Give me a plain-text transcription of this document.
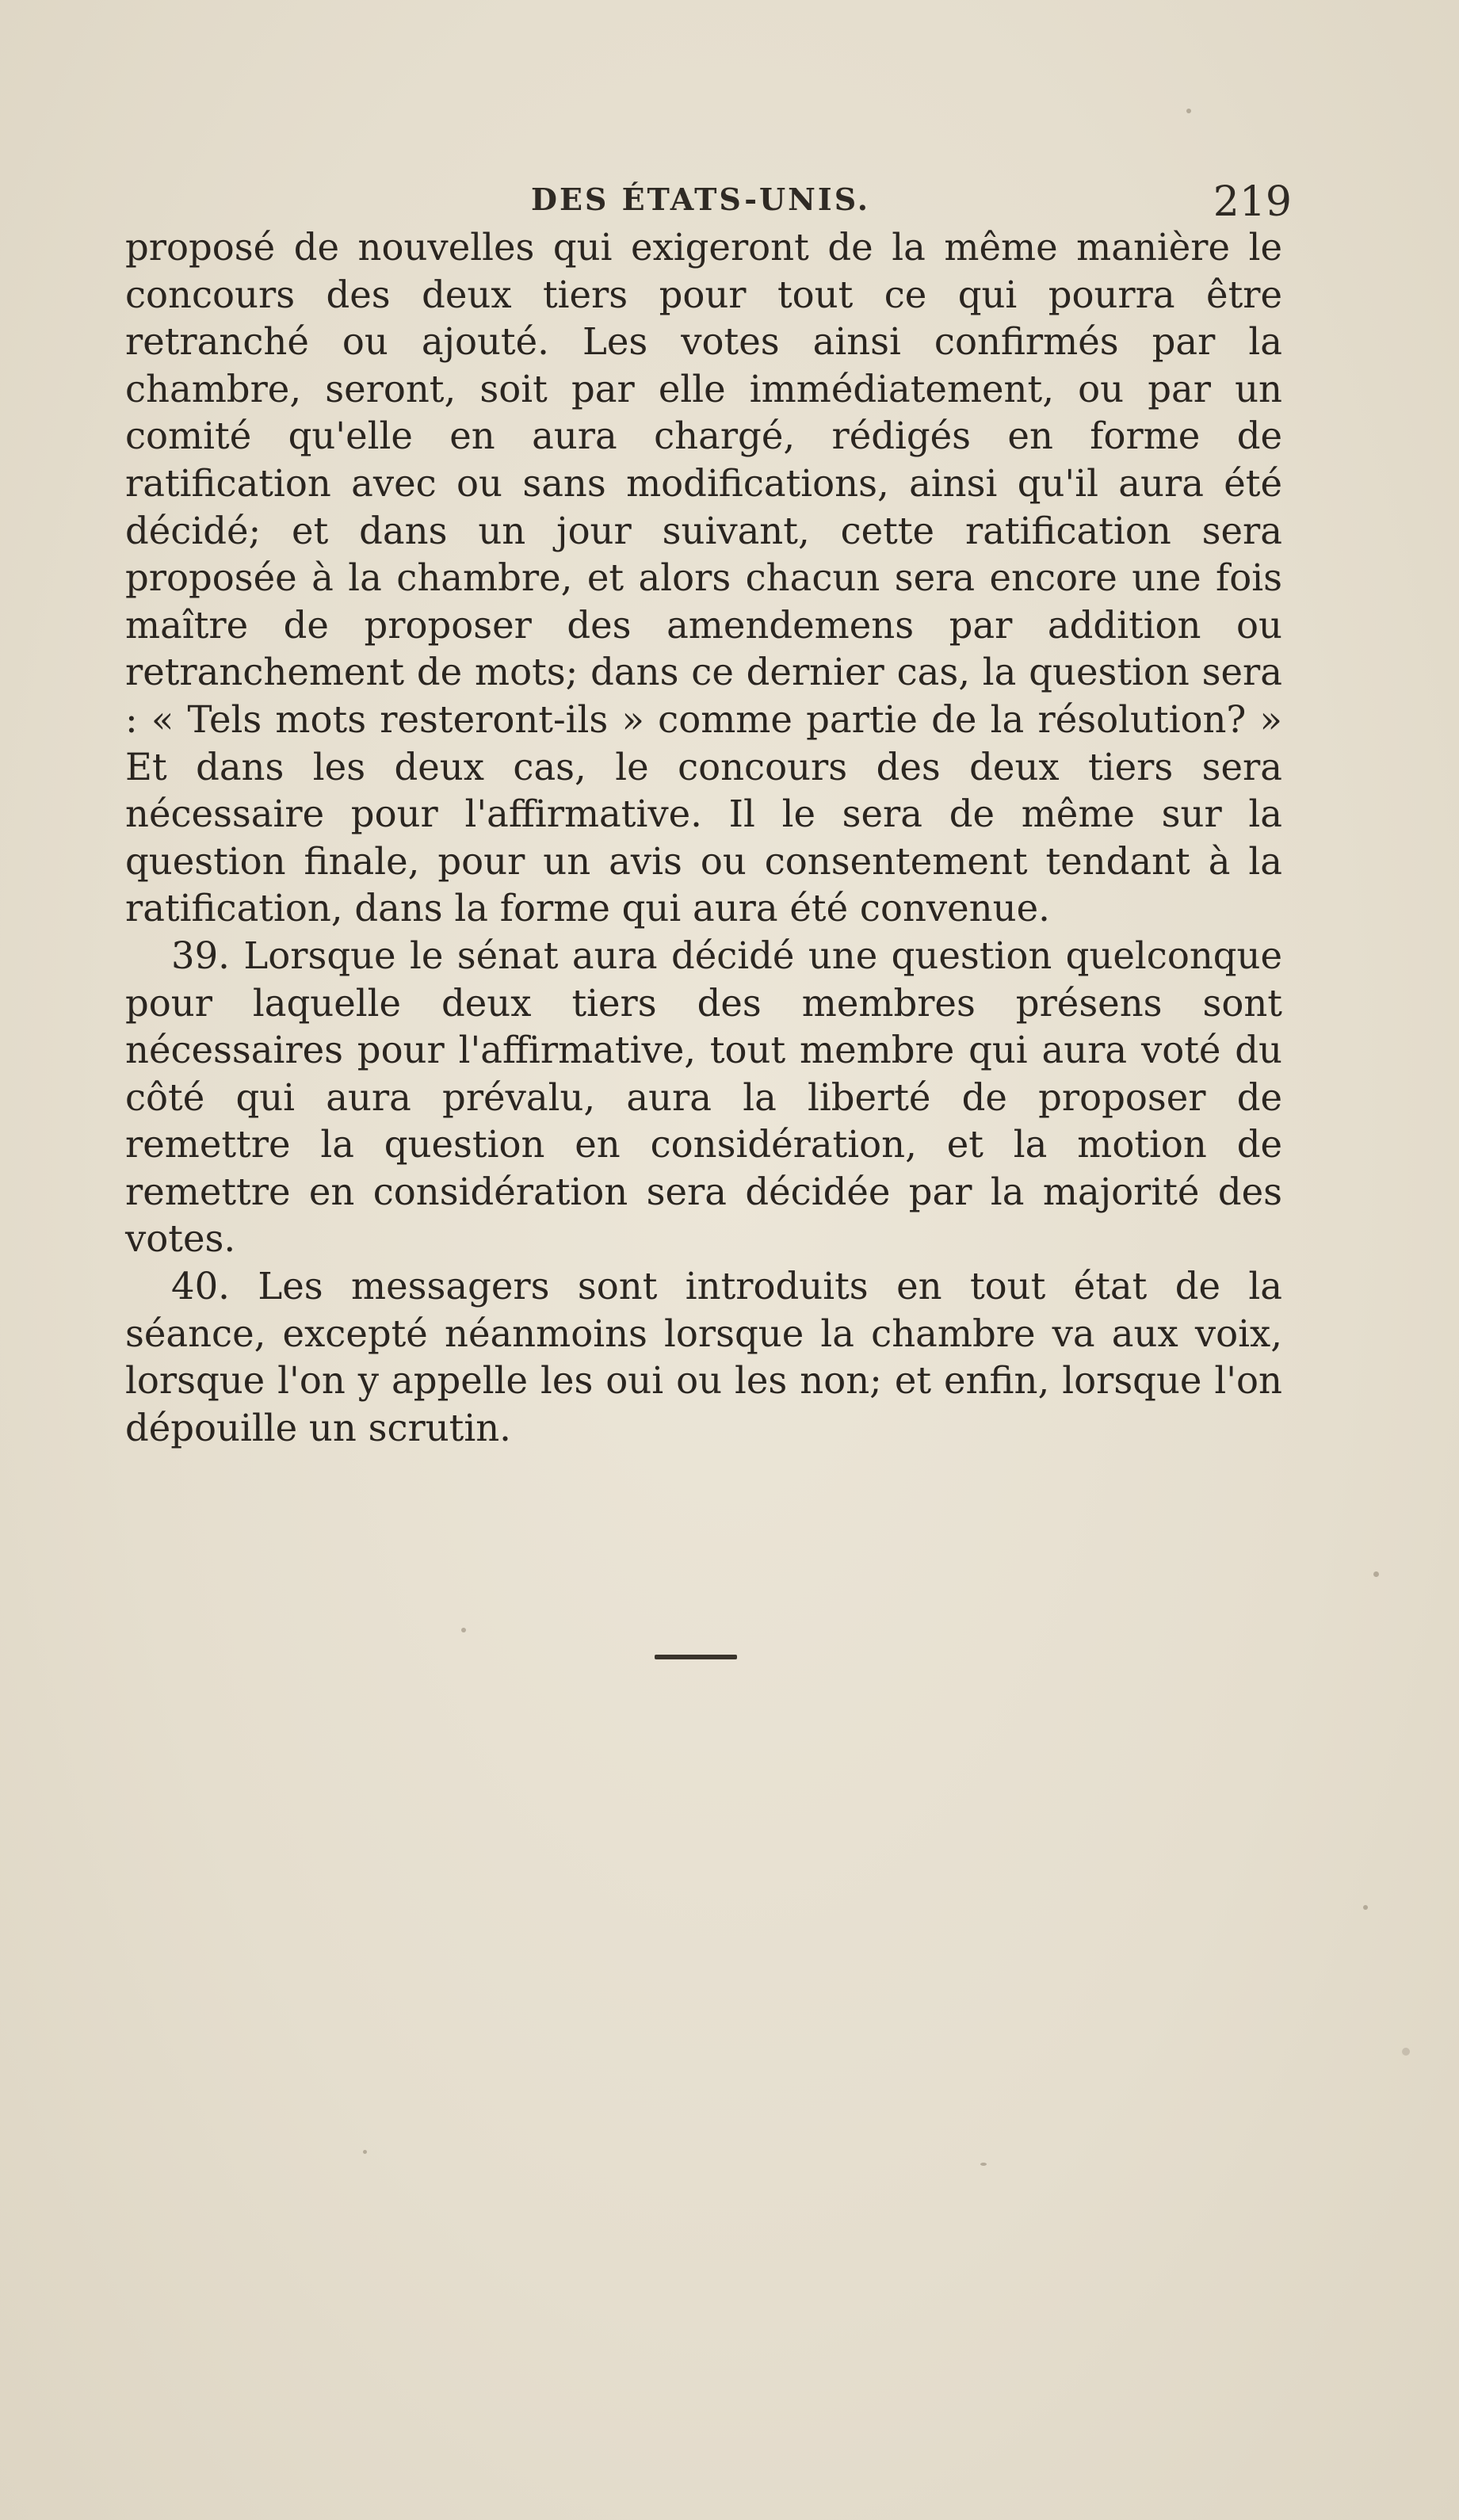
DES ÉTATS-UNIS.	219

proposé de nouvelles qui exigeront de la même manière le concours des deux tiers pour tout ce qui pourra être retranché ou ajouté. Les votes ainsi confirmés par la chambre, seront, soit par elle immédiatement, ou par un comité qu'elle en aura chargé, rédigés en forme de ratification avec ou sans modifications, ainsi qu'il aura été décidé; et dans un jour suivant, cette ratification sera proposée à la chambre, et alors chacun sera encore une fois maître de proposer des amendemens par addition ou retranchement de mots; dans ce dernier cas, la question sera : « Tels mots resteront-ils » comme partie de la résolution? » Et dans les deux cas, le concours des deux tiers sera nécessaire pour l'affirmative. Il le sera de même sur la question finale, pour un avis ou consentement tendant à la ratification, dans la forme qui aura été convenue.

39. Lorsque le sénat aura décidé une question quelconque pour laquelle deux tiers des membres présens sont nécessaires pour l'affirmative, tout membre qui aura voté du côté qui aura prévalu, aura la liberté de proposer de remettre la question en considération, et la motion de remettre en considération sera décidée par la majorité des votes.

40. Les messagers sont introduits en tout état de la séance, excepté néanmoins lorsque la chambre va aux voix, lorsque l'on y appelle les oui ou les non; et enfin, lorsque l'on dépouille un scrutin.
